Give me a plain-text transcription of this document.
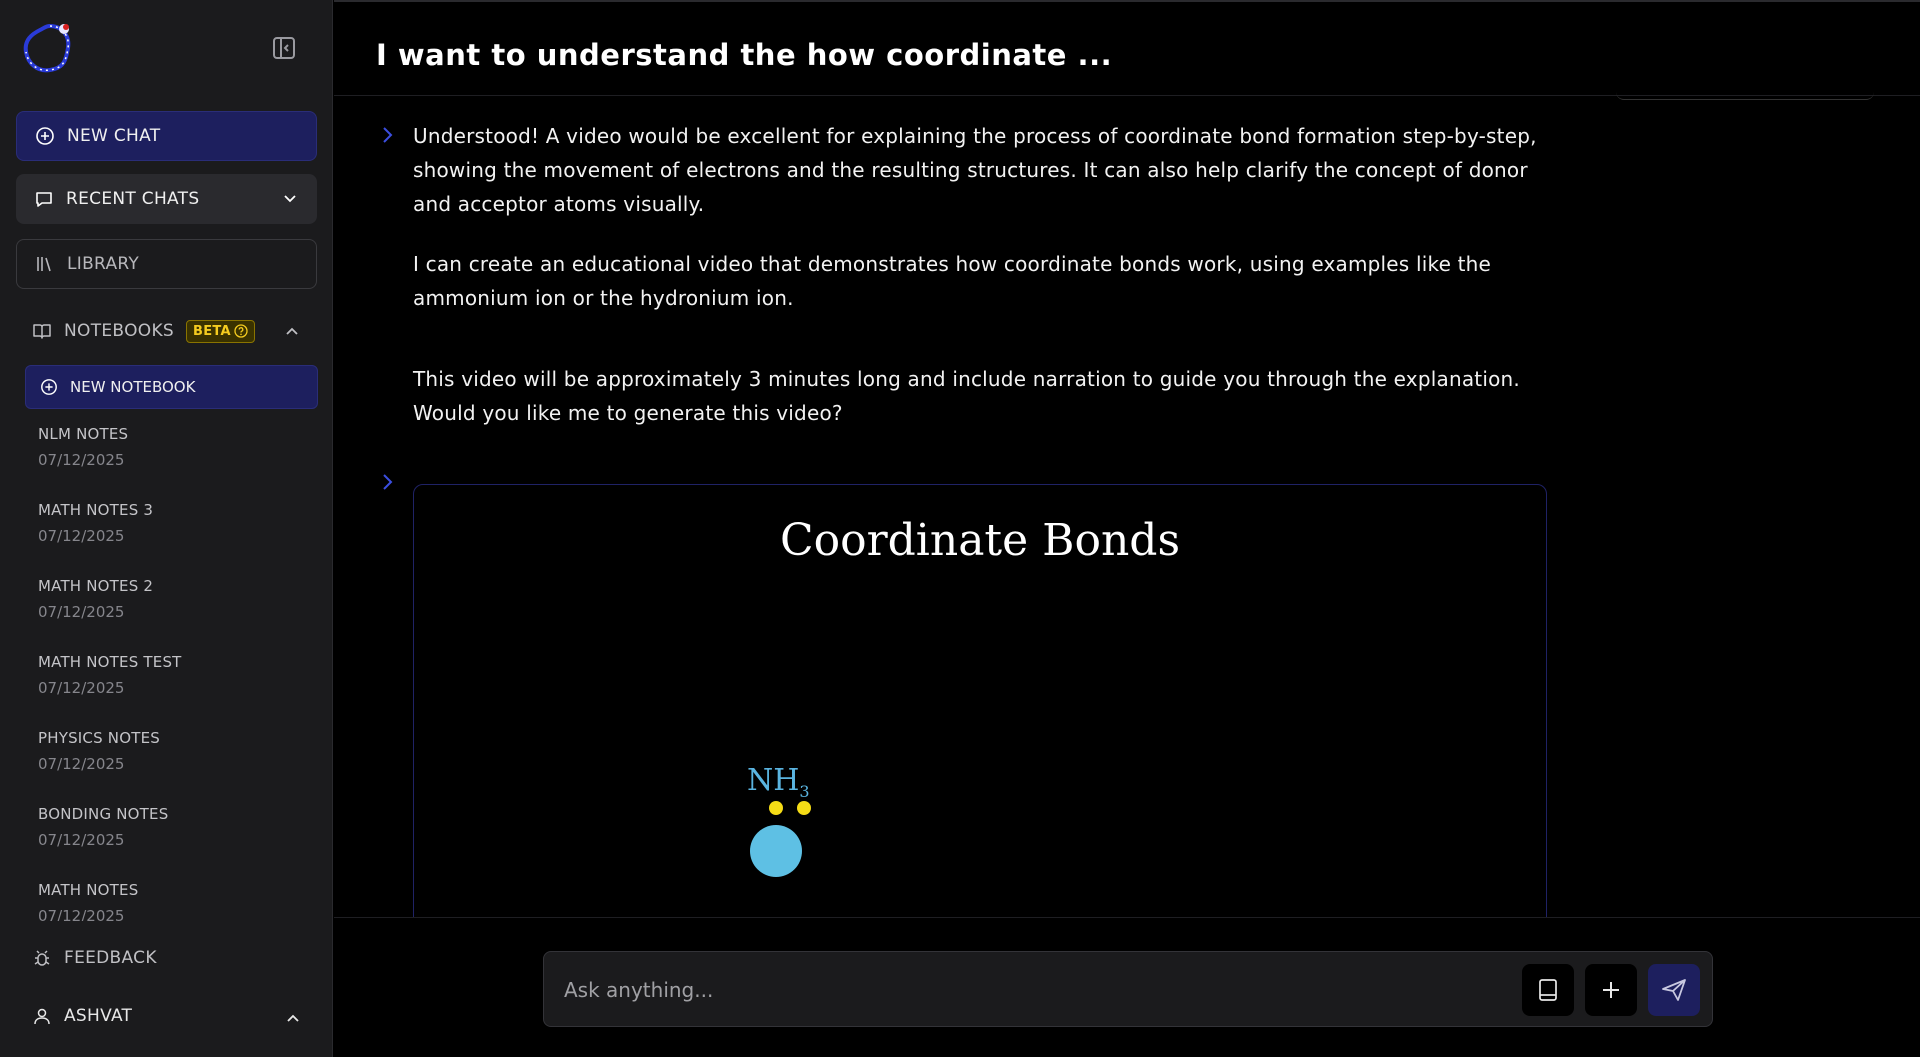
NEW CHAT
RECENT CHATS
LIBRARY
NOTEBOOKS BETA
NEW NOTEBOOK
NLM NOTES
07/12/2025
MATH NOTES 3
07/12/2025
MATH NOTES 2
07/12/2025
MATH NOTES TEST
07/12/2025
PHYSICS NOTES
07/12/2025
BONDING NOTES
07/12/2025
MATH NOTES
07/12/2025
FEEDBACK
ASHVAT
I want to understand the how coordinate ...

Understood! A video would be excellent for explaining the process of coordinate bond formation step-by-step, showing the movement of electrons and the resulting structures. It can also help clarify the concept of donor and acceptor atoms visually.

I can create an educational video that demonstrates how coordinate bonds work, using examples like the ammonium ion or the hydronium ion.

This video will be approximately 3 minutes long and include narration to guide you through the explanation. Would you like me to generate this video?

Coordinate Bonds
$NH_3$
Ask anything...
